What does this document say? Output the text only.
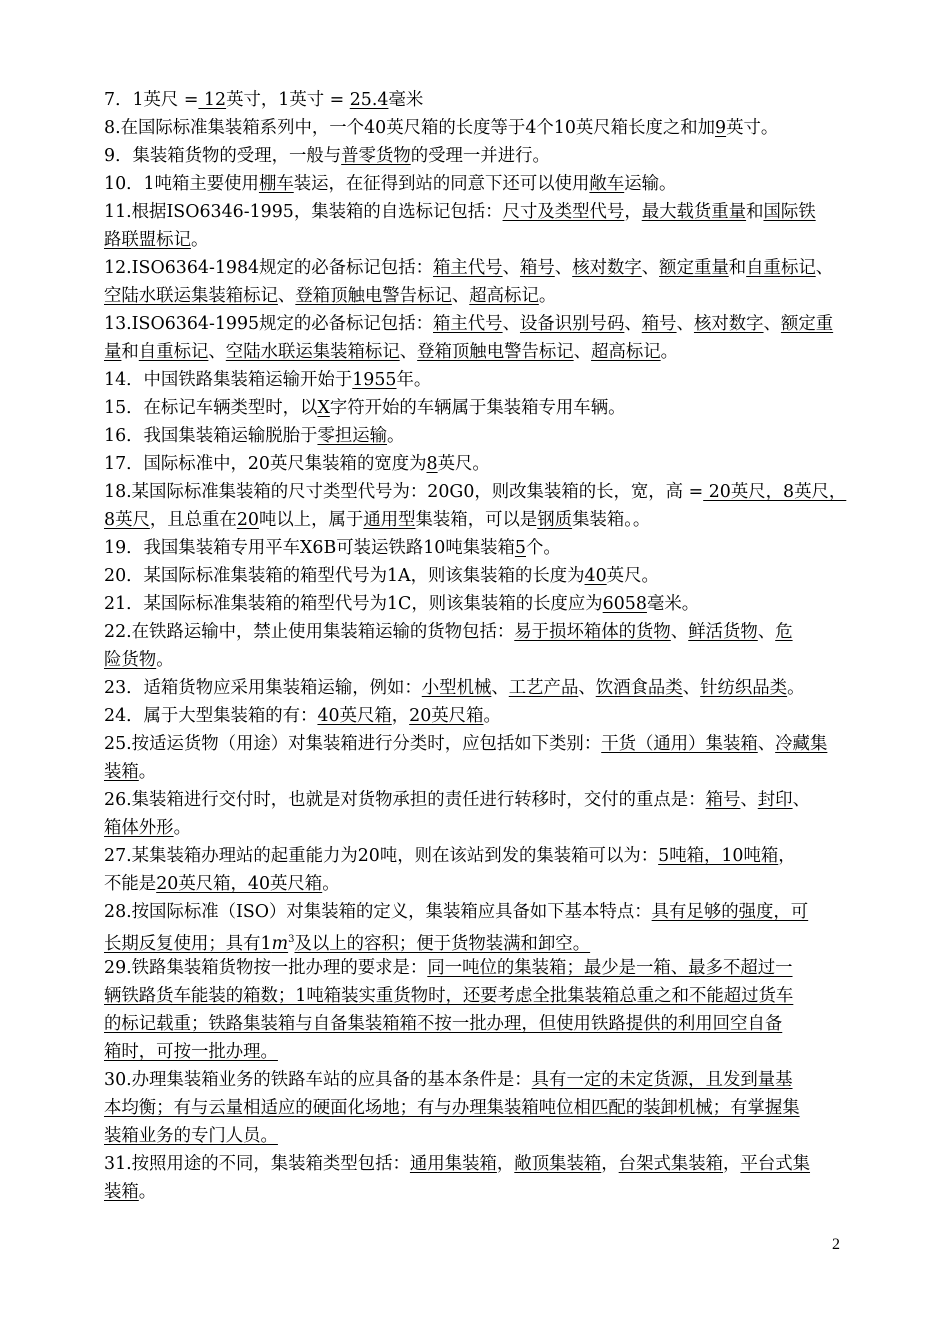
7．1英尺 = 12英寸，1英寸 = 25.4毫米
8.在国际标准集装箱系列中，一个40英尺箱的长度等于4个10英尺箱长度之和加9英寸。
9．集装箱货物的受理，一般与普零货物的受理一并进行。
10．1吨箱主要使用棚车装运，在征得到站的同意下还可以使用敞车运输。
11.根据ISO6346-1995，集装箱的自选标记包括：尺寸及类型代号，最大载货重量和国际铁
路联盟标记。
12.ISO6364-1984规定的必备标记包括：箱主代号、箱号、核对数字、额定重量和自重标记、
空陆水联运集装箱标记、登箱顶触电警告标记、超高标记。
13.ISO6364-1995规定的必备标记包括：箱主代号、设备识别号码、箱号、核对数字、额定重
量和自重标记、空陆水联运集装箱标记、登箱顶触电警告标记、超高标记。
14．中国铁路集装箱运输开始于1955年。
15．在标记车辆类型时，以X字符开始的车辆属于集装箱专用车辆。
16．我国集装箱运输脱胎于零担运输。
17．国际标准中，20英尺集装箱的宽度为8英尺。
18.某国际标准集装箱的尺寸类型代号为：20G0，则改集装箱的长，宽，高 = 20英尺，8英尺，
8英尺，且总重在20吨以上，属于通用型集装箱，可以是钢质集装箱。。
19．我国集装箱专用平车X6B可装运铁路10吨集装箱5个。
20．某国际标准集装箱的箱型代号为1A，则该集装箱的长度为40英尺。
21．某国际标准集装箱的箱型代号为1C，则该集装箱的长度应为6058毫米。
22.在铁路运输中，禁止使用集装箱运输的货物包括：易于损坏箱体的货物、鲜活货物、危
险货物。
23．适箱货物应采用集装箱运输，例如：小型机械、工艺产品、饮酒食品类、针纺织品类。
24．属于大型集装箱的有：40英尺箱，20英尺箱。
25.按适运货物（用途）对集装箱进行分类时，应包括如下类别：干货（通用）集装箱、冷藏集
装箱。
26.集装箱进行交付时，也就是对货物承担的责任进行转移时，交付的重点是：箱号、封印、
箱体外形。
27.某集装箱办理站的起重能力为20吨，则在该站到发的集装箱可以为：5吨箱，10吨箱，
不能是20英尺箱，40英尺箱。
28.按国际标准（ISO）对集装箱的定义，集装箱应具备如下基本特点：具有足够的强度，可
长期反复使用；具有$1m^3$及以上的容积；便于货物装满和卸空。
29.铁路集装箱货物按一批办理的要求是：同一吨位的集装箱；最少是一箱、最多不超过一
辆铁路货车能装的箱数；1吨箱装实重货物时，还要考虑全批集装箱总重之和不能超过货车
的标记载重；铁路集装箱与自备集装箱箱不按一批办理，但使用铁路提供的利用回空自备
箱时，可按一批办理。
30.办理集装箱业务的铁路车站的应具备的基本条件是：具有一定的未定货源，且发到量基
本均衡；有与云量相适应的硬面化场地；有与办理集装箱吨位相匹配的装卸机械；有掌握集
装箱业务的专门人员。
31.按照用途的不同，集装箱类型包括：通用集装箱，敞顶集装箱，台架式集装箱，平台式集
装箱。
2
